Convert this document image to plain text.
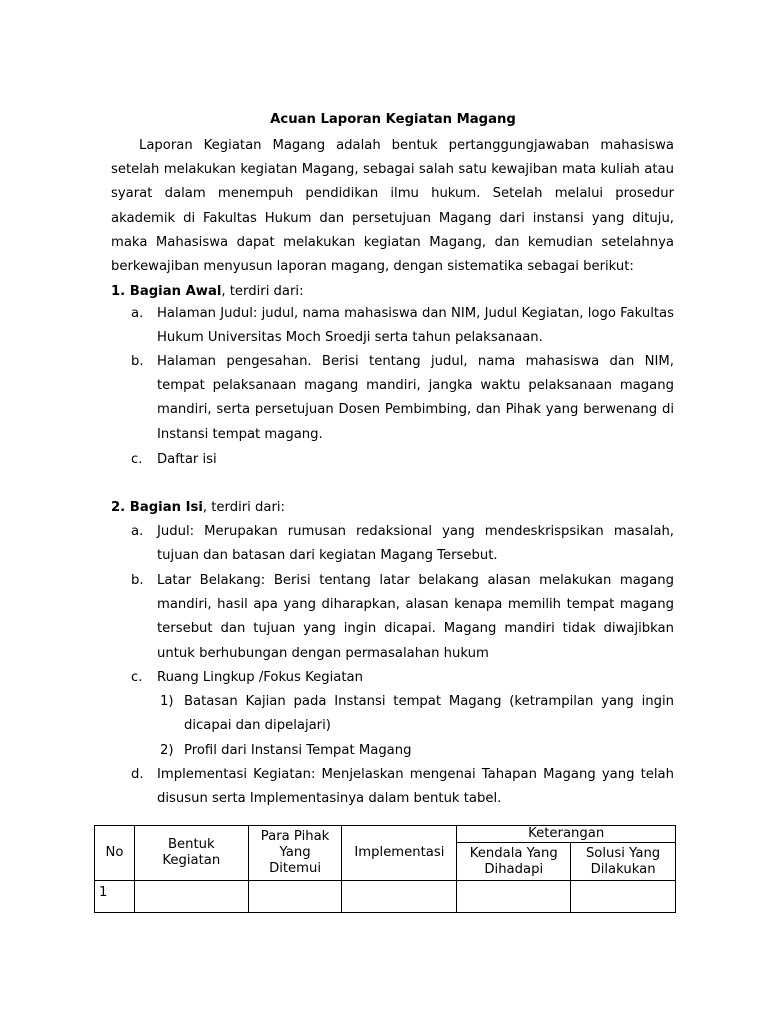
Acuan Laporan Kegiatan Magang
Laporan Kegiatan Magang adalah bentuk pertanggungjawaban mahasiswa setelah melakukan kegiatan Magang, sebagai salah satu kewajiban mata kuliah atau syarat dalam menempuh pendidikan ilmu hukum. Setelah melalui prosedur akademik di Fakultas Hukum dan persetujuan Magang dari instansi yang dituju, maka Mahasiswa dapat melakukan kegiatan Magang, dan kemudian setelahnya berkewajiban menyusun laporan magang, dengan sistematika sebagai berikut:
1. Bagian Awal, terdiri dari:
a.	Halaman Judul: judul, nama mahasiswa dan NIM, Judul Kegiatan, logo Fakultas Hukum Universitas Moch Sroedji serta tahun pelaksanaan.
b.	Halaman pengesahan. Berisi tentang judul, nama mahasiswa dan NIM, tempat pelaksanaan magang mandiri, jangka waktu pelaksanaan magang mandiri, serta persetujuan Dosen Pembimbing, dan Pihak yang berwenang di Instansi tempat magang.
c.	Daftar isi
2. Bagian Isi, terdiri dari:
a.	Judul: Merupakan rumusan redaksional yang mendeskrispsikan masalah, tujuan dan batasan dari kegiatan Magang Tersebut.
b.	Latar Belakang: Berisi tentang latar belakang alasan melakukan magang mandiri, hasil apa yang diharapkan, alasan kenapa memilih tempat magang tersebut dan tujuan yang ingin dicapai. Magang mandiri tidak diwajibkan untuk berhubungan dengan permasalahan hukum
c.	Ruang Lingkup /Fokus Kegiatan
1) Batasan Kajian pada Instansi tempat Magang (ketrampilan yang ingin dicapai dan dipelajari)
2) Profil dari Instansi Tempat Magang
d.	Implementasi Kegiatan: Menjelaskan mengenai Tahapan Magang yang telah disusun serta Implementasinya dalam bentuk tabel.
No	Bentuk Kegiatan	Para Pihak Yang Ditemui	Implementasi	Keterangan	
				Kendala Yang Dihadapi	Solusi Yang Dilakukan
1					
